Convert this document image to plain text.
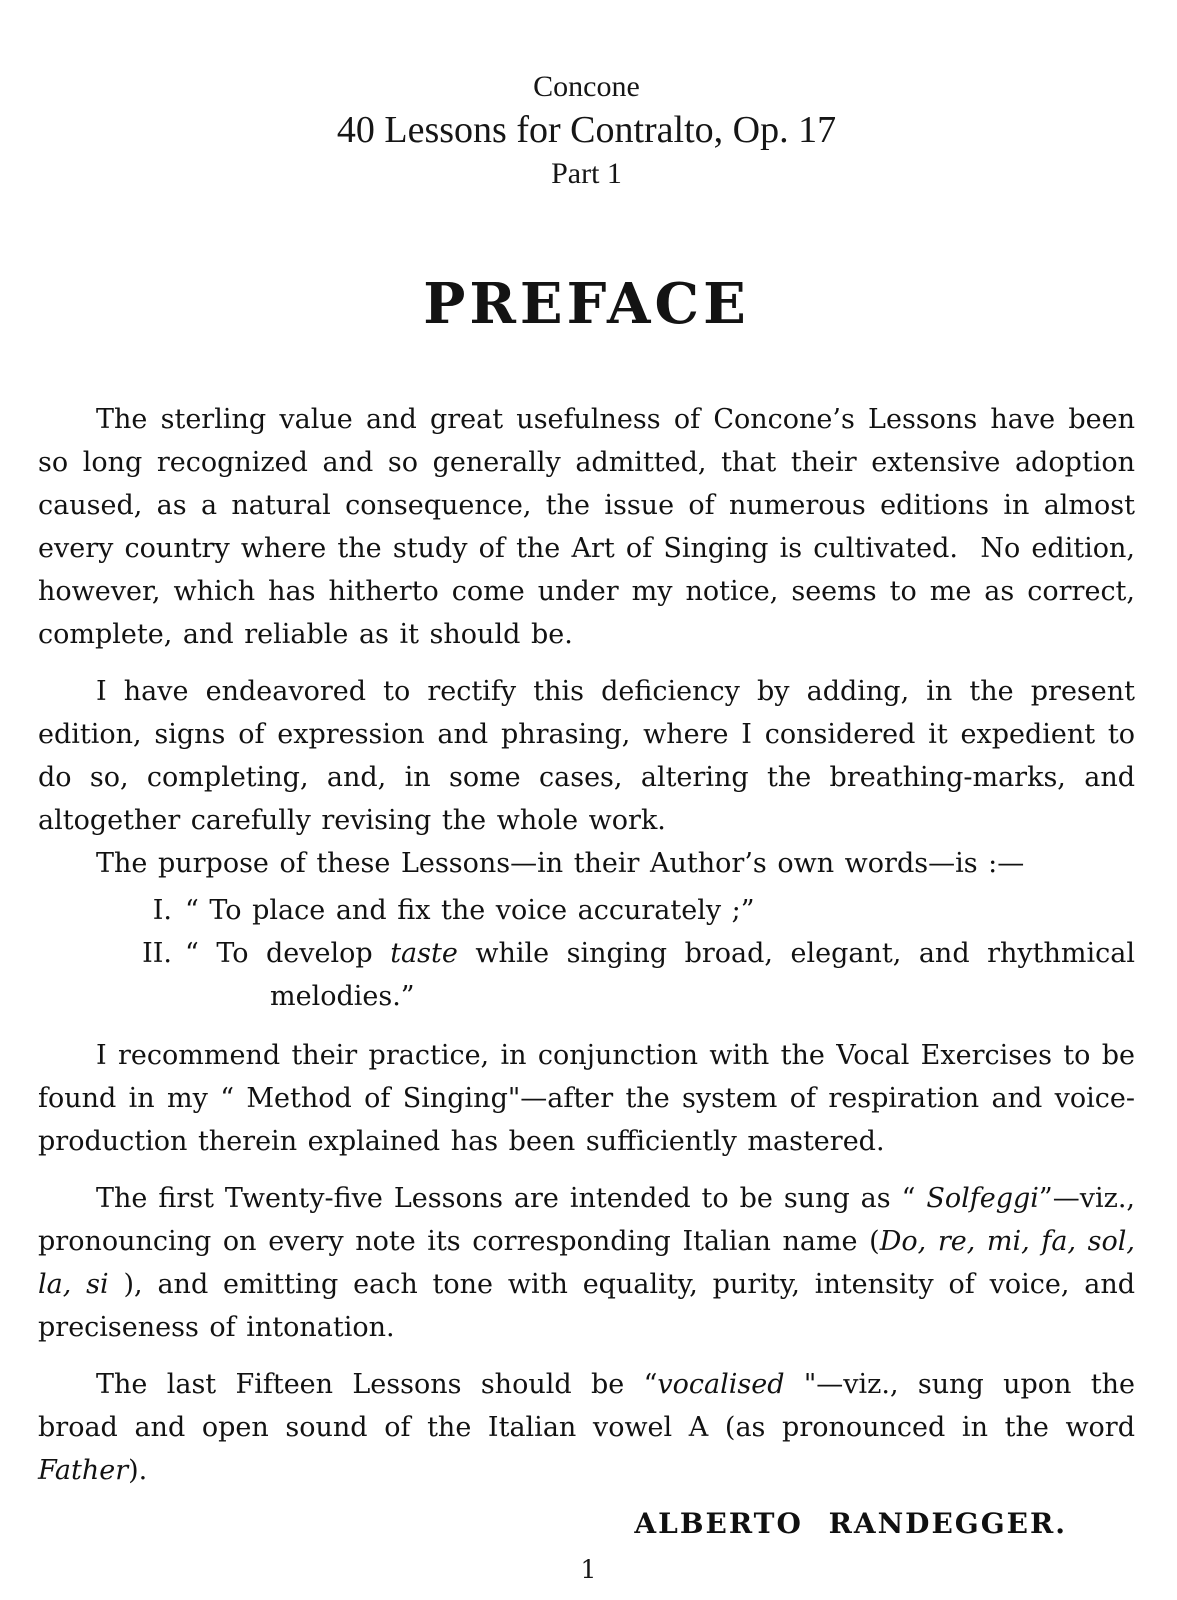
Concone
40 Lessons for Contralto, Op. 17
Part 1
PREFACE

The sterling value and great usefulness of Concone’s Lessons have been so long recognized and so generally admitted, that their extensive adoption caused, as a natural consequence, the issue of numerous editions in almost every country where the study of the Art of Singing is cultivated.  No edition, however, which has hitherto come under my notice, seems to me as correct, complete, and reliable as it should be.

I have endeavored to rectify this deficiency by adding, in the present edition, signs of expression and phrasing, where I considered it expedient to do so, completing, and, in some cases, altering the breathing-marks, and altogether carefully revising the whole work.

The purpose of these Lessons—in their Author’s own words—is :—

I. “ To place and fix the voice accurately ;”
II. “ To develop taste while singing broad, elegant, and rhythmical melodies.”

I recommend their practice, in conjunction with the Vocal Exercises to be found in my “ Method of Singing"—after the system of respiration and voice-production therein explained has been sufficiently mastered.

The first Twenty-five Lessons are intended to be sung as “ Solfeggi”—viz., pronouncing on every note its corresponding Italian name (Do, re, mi, fa, sol, la, si ), and emitting each tone with equality, purity, intensity of voice, and preciseness of intonation.

The last Fifteen Lessons should be “vocalised "—viz., sung upon the broad and open sound of the Italian vowel A (as pronounced in the word Father).

ALBERTO RANDEGGER.
1
